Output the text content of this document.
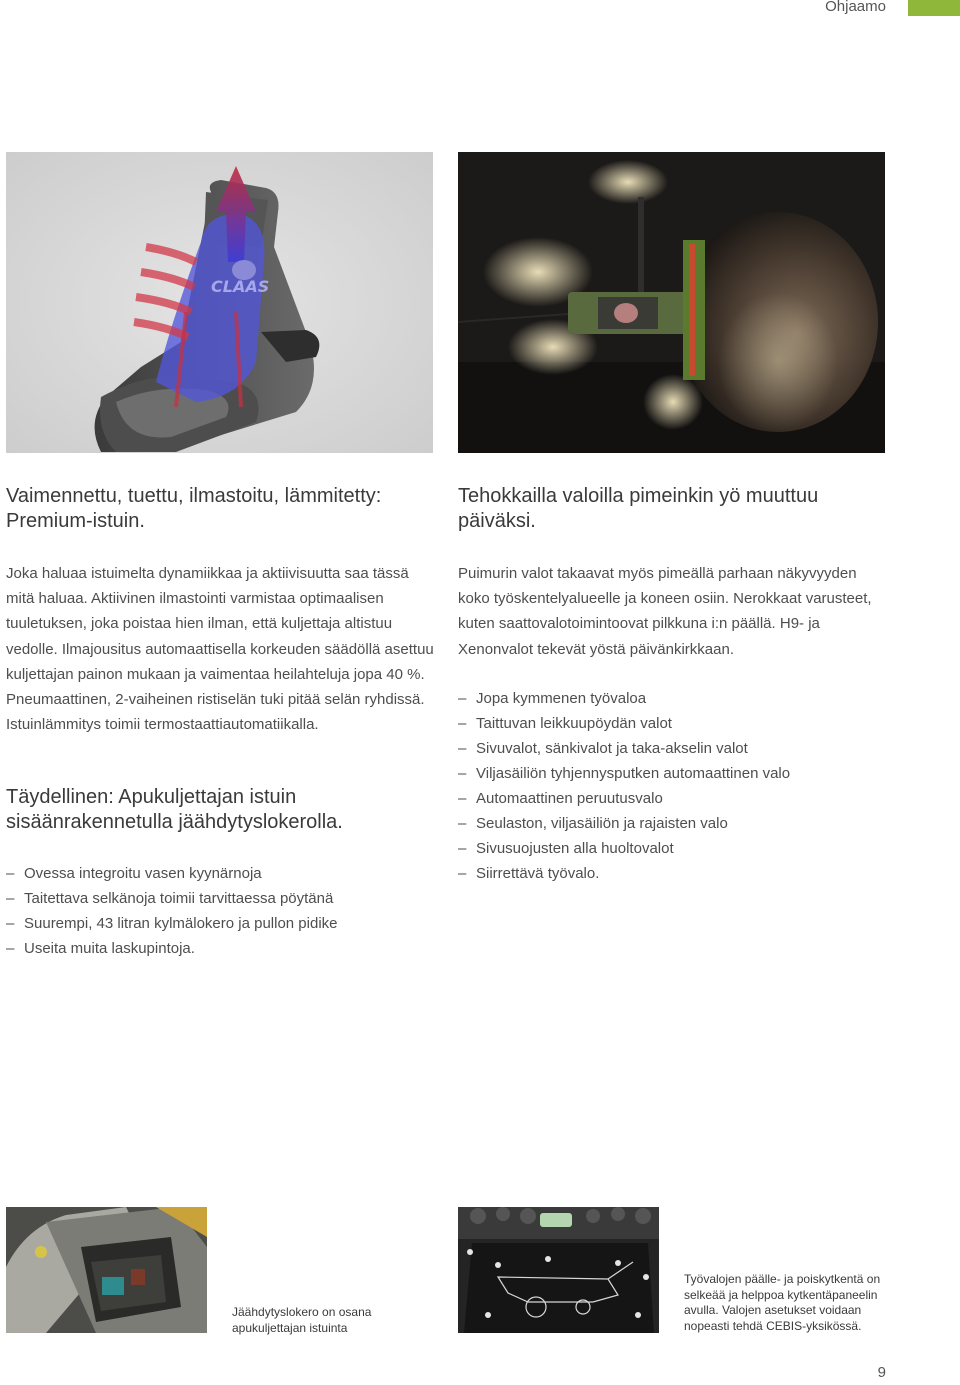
Ohjaamo
CLAAS
Vaimennettu, tuettu, ilmastoitu, lämmitetty: Premium-istuin.

Joka haluaa istuimelta dynamiikkaa ja aktiivisuutta saa tässä mitä haluaa. Aktiivinen ilmastointi varmistaa optimaalisen tuuletuksen, joka poistaa hien ilman, että kuljettaja altistuu vedolle. Ilmajousitus automaattisella korkeuden säädöllä asettuu kuljettajan painon mukaan ja vaimentaa heilahteluja jopa 40 %. Pneumaattinen, 2-vaiheinen ristiselän tuki pitää selän ryhdissä. Istuinlämmitys toimii termostaattiautomatiikalla.

Täydellinen: Apukuljettajan istuin sisäänrakennetulla jäähdytyslokerolla.
– Ovessa integroitu vasen kyynärnoja
– Taitettava selkänoja toimii tarvittaessa pöytänä
– Suurempi, 43 litran kylmälokero ja pullon pidike
– Useita muita laskupintoja.
Tehokkailla valoilla pimeinkin yö muuttuu päiväksi.

Puimurin valot takaavat myös pimeällä parhaan näkyvyyden koko työskentelyalueelle ja koneen osiin. Nerokkaat varusteet, kuten saattovalotoimintoovat pilkkuna i:n päällä. H9- ja Xenonvalot tekevät yöstä päivänkirkkaan.

– Jopa kymmenen työvaloa
– Taittuvan leikkuupöydän valot
– Sivuvalot, sänkivalot ja taka-akselin valot
– Viljasäiliön tyhjennysputken automaattinen valo
– Automaattinen peruutusvalo
– Seulaston, viljasäiliön ja rajaisten valo
– Sivusuojusten alla huoltovalot
– Siirrettävä työvalo.

Jäähdytyslokero on osana apukuljettajan istuinta

Työvalojen päälle- ja poiskytkentä on selkeää ja helppoa kytkentäpaneelin avulla. Valojen asetukset voidaan nopeasti tehdä CEBIS-yksikössä.

9
